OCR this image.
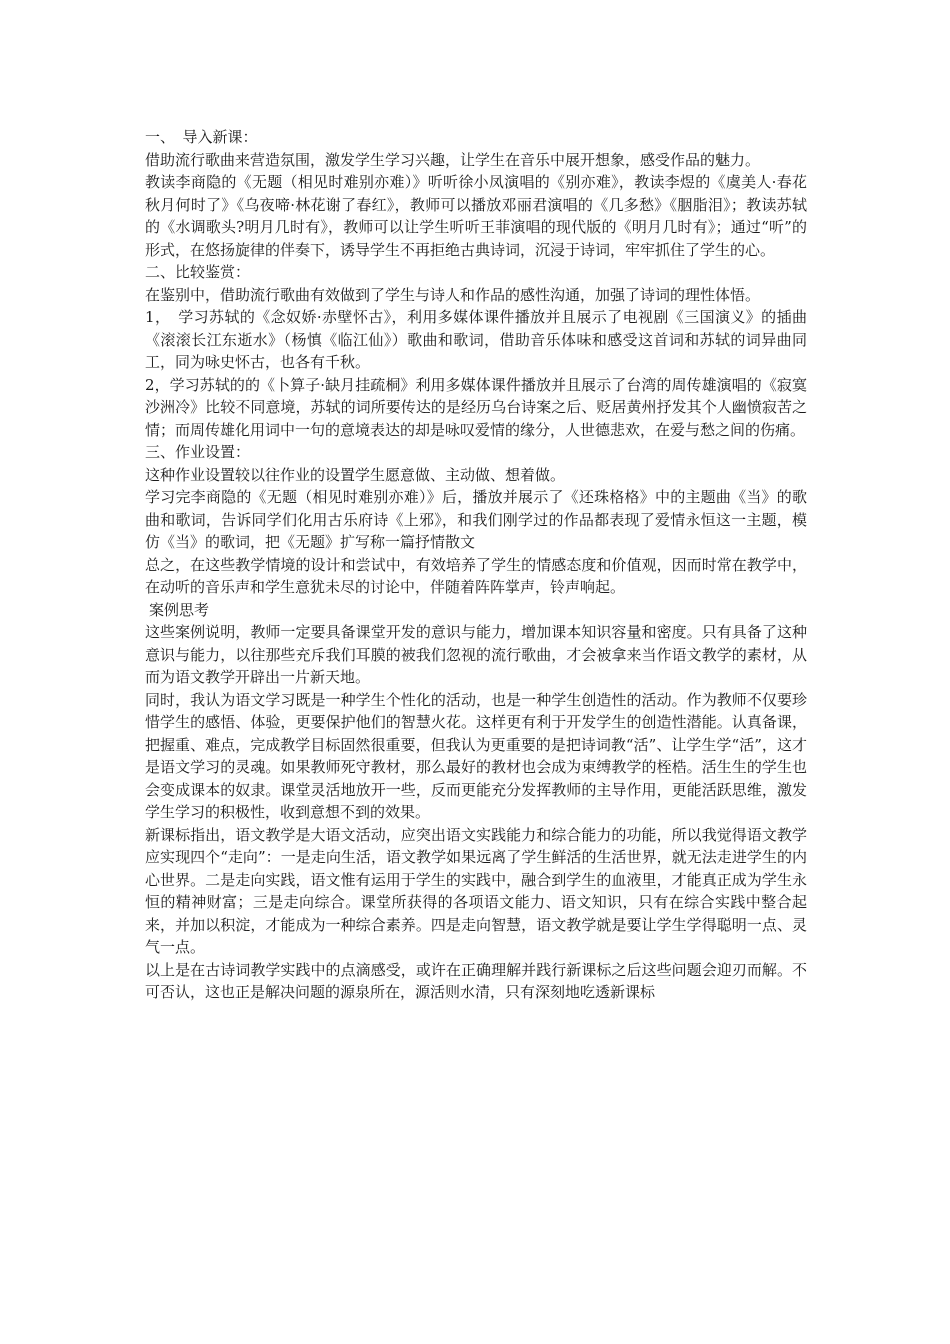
一、　导入新课：

借助流行歌曲来营造氛围，激发学生学习兴趣，让学生在音乐中展开想象，感受作品的魅力。

教读李商隐的《无题（相见时难别亦难）》听听徐小凤演唱的《别亦难》，教读李煜的《虞美人·春花秋月何时了》《乌夜啼·林花谢了春红》，教师可以播放邓丽君演唱的《几多愁》《胭脂泪》；教读苏轼的《水调歌头?明月几时有》，教师可以让学生听听王菲演唱的现代版的《明月几时有》；通过“听”的形式，在悠扬旋律的伴奏下，诱导学生不再拒绝古典诗词，沉浸于诗词，牢牢抓住了学生的心。

二、比较鉴赏：

在鉴别中，借助流行歌曲有效做到了学生与诗人和作品的感性沟通，加强了诗词的理性体悟。

1，　学习苏轼的《念奴娇·赤壁怀古》，利用多媒体课件播放并且展示了电视剧《三国演义》的插曲《滚滚长江东逝水》（杨慎《临江仙》）歌曲和歌词，借助音乐体味和感受这首词和苏轼的词异曲同工，同为咏史怀古，也各有千秋。

2，学习苏轼的的《卜算子·缺月挂疏桐》利用多媒体课件播放并且展示了台湾的周传雄演唱的《寂寞沙洲冷》比较不同意境，苏轼的词所要传达的是经历乌台诗案之后、贬居黄州抒发其个人幽愤寂苦之情；而周传雄化用词中一句的意境表达的却是咏叹爱情的缘分，人世德悲欢，在爱与愁之间的伤痛。

三、作业设置：

这种作业设置较以往作业的设置学生愿意做、主动做、想着做。

学习完李商隐的《无题（相见时难别亦难）》后，播放并展示了《还珠格格》中的主题曲《当》的歌曲和歌词，告诉同学们化用古乐府诗《上邪》，和我们刚学过的作品都表现了爱情永恒这一主题，模仿《当》的歌词，把《无题》扩写称一篇抒情散文

总之，在这些教学情境的设计和尝试中，有效培养了学生的情感态度和价值观，因而时常在教学中，在动听的音乐声和学生意犹未尽的讨论中，伴随着阵阵掌声，铃声响起。

案例思考

这些案例说明，教师一定要具备课堂开发的意识与能力，增加课本知识容量和密度。只有具备了这种意识与能力，以往那些充斥我们耳膜的被我们忽视的流行歌曲，才会被拿来当作语文教学的素材，从而为语文教学开辟出一片新天地。

同时，我认为语文学习既是一种学生个性化的活动，也是一种学生创造性的活动。作为教师不仅要珍惜学生的感悟、体验，更要保护他们的智慧火花。这样更有利于开发学生的创造性潜能。认真备课，把握重、难点，完成教学目标固然很重要，但我认为更重要的是把诗词教“活”、让学生学“活”，这才是语文学习的灵魂。如果教师死守教材，那么最好的教材也会成为束缚教学的桎梏。活生生的学生也会变成课本的奴隶。课堂灵活地放开一些，反而更能充分发挥教师的主导作用，更能活跃思维，激发学生学习的积极性，收到意想不到的效果。

新课标指出，语文教学是大语文活动，应突出语文实践能力和综合能力的功能，所以我觉得语文教学应实现四个“走向”：一是走向生活，语文教学如果远离了学生鲜活的生活世界，就无法走进学生的内心世界。二是走向实践，语文惟有运用于学生的实践中，融合到学生的血液里，才能真正成为学生永恒的精神财富；三是走向综合。课堂所获得的各项语文能力、语文知识，只有在综合实践中整合起来，并加以积淀，才能成为一种综合素养。四是走向智慧，语文教学就是要让学生学得聪明一点、灵气一点。

以上是在古诗词教学实践中的点滴感受，或许在正确理解并践行新课标之后这些问题会迎刃而解。不可否认，这也正是解决问题的源泉所在，源活则水清，只有深刻地吃透新课标
